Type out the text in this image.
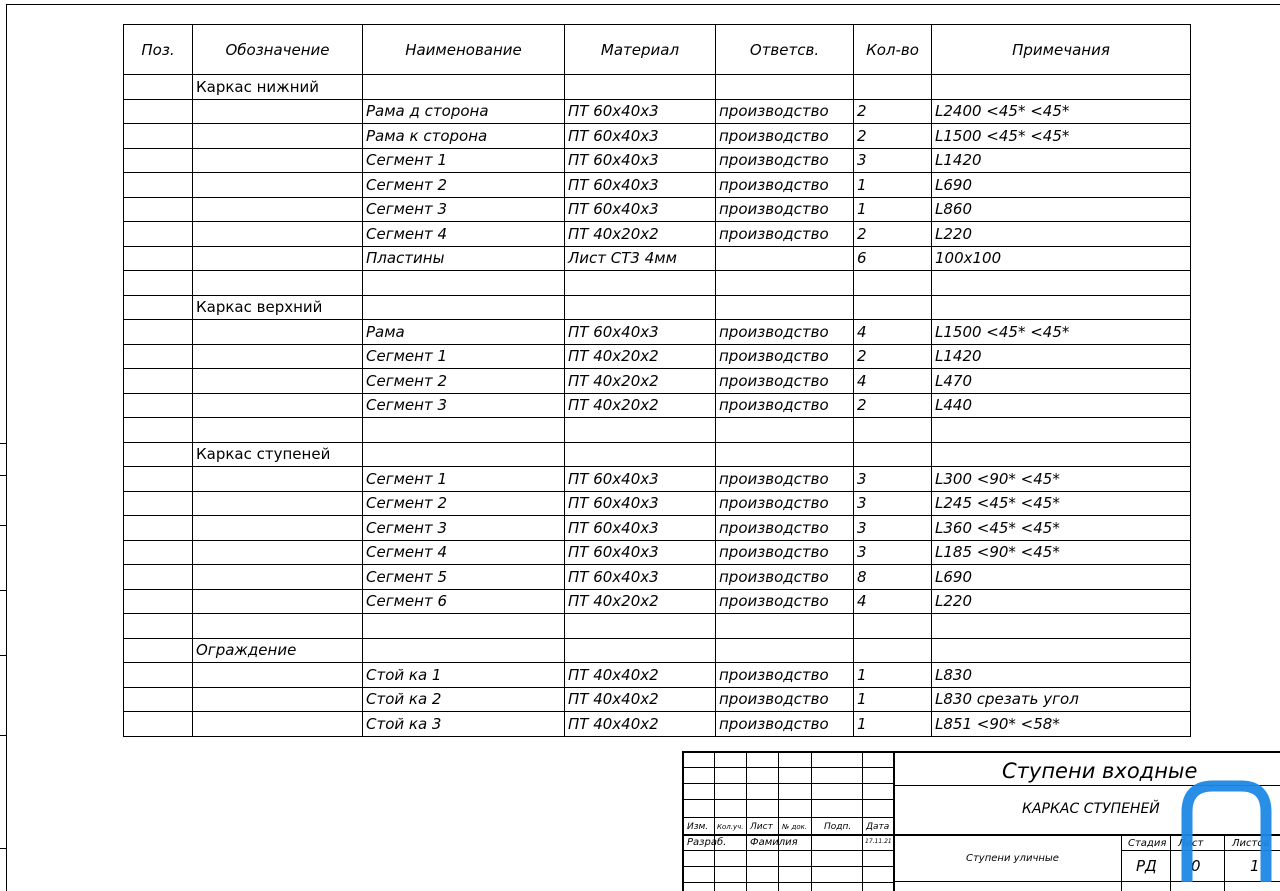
Поз.	Обозначение	Наименование	Материал	Ответсв.	Кол-во	Примечания
	Каркас нижний					
		Рама д сторона	ПТ 60х40х3	производство	2	L2400 <45* <45*
		Рама к сторона	ПТ 60х40х3	производство	2	L1500 <45* <45*
		Сегмент 1	ПТ 60х40х3	производство	3	L1420
		Сегмент 2	ПТ 60х40х3	производство	1	L690
		Сегмент 3	ПТ 60х40х3	производство	1	L860
		Сегмент 4	ПТ 40х20х2	производство	2	L220
		Пластины	Лист СТ3 4мм		6	100х100

	Каркас верхний					
		Рама	ПТ 60х40х3	производство	4	L1500 <45* <45*
		Сегмент 1	ПТ 40х20х2	производство	2	L1420
		Сегмент 2	ПТ 40х20х2	производство	4	L470
		Сегмент 3	ПТ 40х20х2	производство	2	L440

	Каркас ступеней					
		Сегмент 1	ПТ 60х40х3	производство	3	L300 <90* <45*
		Сегмент 2	ПТ 60х40х3	производство	3	L245 <45* <45*
		Сегмент 3	ПТ 60х40х3	производство	3	L360 <45* <45*
		Сегмент 4	ПТ 60х40х3	производство	3	L185 <90* <45*
		Сегмент 5	ПТ 60х40х3	производство	8	L690
		Сегмент 6	ПТ 40х20х2	производство	4	L220

	Ограждение					
		Стой ка 1	ПТ 40х40х2	производство	1	L830
		Стой ка 2	ПТ 40х40х2	производство	1	L830 срезать угол
		Стой ка 3	ПТ 40х40х2	производство	1	L851 <90* <58*
Изм. Кол.уч. Лист № док. Подп. Дата
Разраб. Фамилия	17.11.21
Ступени входные
КАРКАС СТУПЕНЕЙ
Ступени уличные
Стадия Лист	Листов
РД 0	1
